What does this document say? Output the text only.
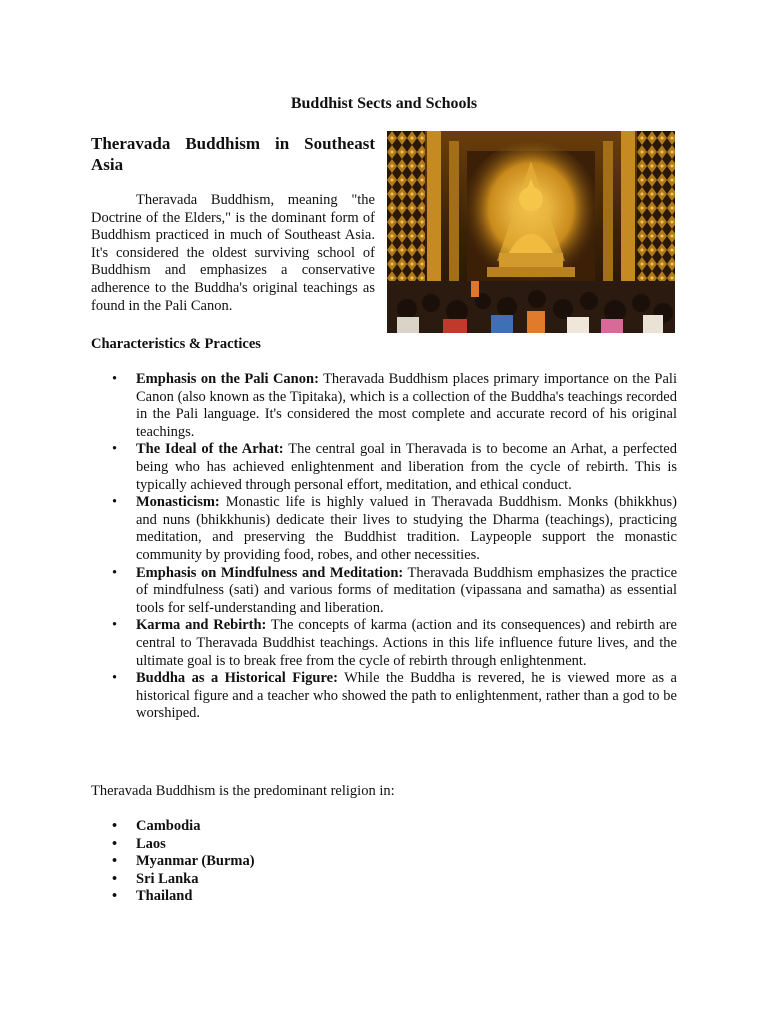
Buddhist Sects and Schools
Theravada Buddhism in Southeast Asia

Theravada Buddhism, meaning "the Doctrine of the Elders," is the dominant form of Buddhism practiced in much of Southeast Asia. It's considered the oldest surviving school of Buddhism and emphasizes a conservative adherence to the Buddha's original teachings as found in the Pali Canon.

Characteristics & Practices
• Emphasis on the Pali Canon: Theravada Buddhism places primary importance on the Pali Canon (also known as the Tipitaka), which is a collection of the Buddha's teachings recorded in the Pali language. It's considered the most complete and accurate record of his original teachings.
• The Ideal of the Arhat: The central goal in Theravada is to become an Arhat, a perfected being who has achieved enlightenment and liberation from the cycle of rebirth. This is typically achieved through personal effort, meditation, and ethical conduct.
• Monasticism: Monastic life is highly valued in Theravada Buddhism. Monks (bhikkhus) and nuns (bhikkhunis) dedicate their lives to studying the Dharma (teachings), practicing meditation, and preserving the Buddhist tradition. Laypeople support the monastic community by providing food, robes, and other necessities.
• Emphasis on Mindfulness and Meditation: Theravada Buddhism emphasizes the practice of mindfulness (sati) and various forms of meditation (vipassana and samatha) as essential tools for self-understanding and liberation.
• Karma and Rebirth: The concepts of karma (action and its consequences) and rebirth are central to Theravada Buddhist teachings. Actions in this life influence future lives, and the ultimate goal is to break free from the cycle of rebirth through enlightenment.
• Buddha as a Historical Figure: While the Buddha is revered, he is viewed more as a historical figure and a teacher who showed the path to enlightenment, rather than a god to be worshiped.

Theravada Buddhism is the predominant religion in:

• Cambodia
• Laos
• Myanmar (Burma)
• Sri Lanka
• Thailand
